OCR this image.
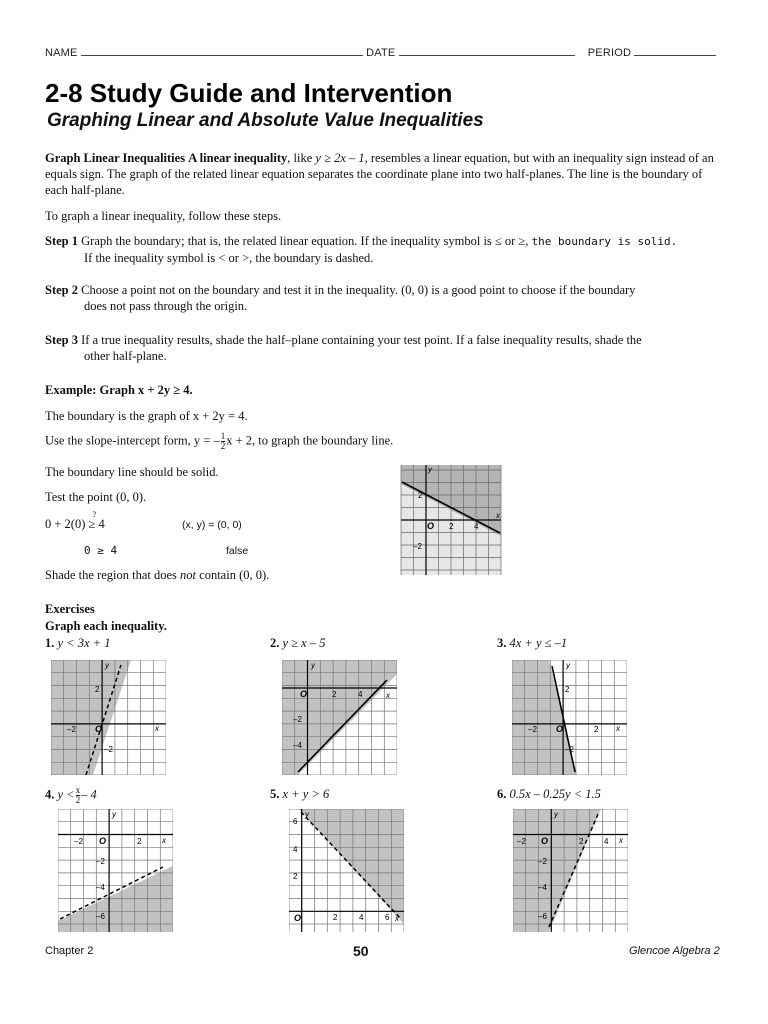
NAME	DATE	PERIOD
2-8 Study Guide and Intervention
Graphing Linear and Absolute Value Inequalities
Graph Linear Inequalities A linear inequality, like y ≥ 2x – 1, resembles a linear equation, but with an inequality sign instead of an equals sign. The graph of the related linear equation separates the coordinate plane into two half-planes. The line is the boundary of each half-plane.
To graph a linear inequality, follow these steps.
Step 1 Graph the boundary; that is, the related linear equation. If the inequality symbol is ≤ or ≥, the boundary is solid.
If the inequality symbol is < or >, the boundary is dashed.
Step 2 Choose a point not on the boundary and test it in the inequality. (0, 0) is a good point to choose if the boundary
does not pass through the origin.
Step 3 If a true inequality results, shade the half–plane containing your test point. If a false inequality results, shade the
other half-plane.
Example: Graph x + 2y ≥ 4.
The boundary is the graph of x + 2y = 4.
Use the slope-intercept form, y = – $\frac{1}{2}$ x + 2, to graph the boundary line.
The boundary line should be solid.
Test the point (0, 0).
0 + 2(0)
?
≥ 4	(x, y) = (0, 0)
0 ≥ 4	false
Shade the region that does not contain (0, 0).
y
x
O 2	4
2
–2
Exercises
Graph each inequality.
1. y < 3x + 1	2. y ≥ x – 5	3. 4x + y ≤ –1
4. $y < \frac{x}{2} - 4$	5. x + y > 6	6. 0.5x – 0.25y < 1.5
y
x
O
2
–2
–2
y
x
O	2	4
–2
–4
y
x
O
2
2
–2
–2
y
x
O	2
–2
–2
–4
–6
y
x
O	2	4	6
6
4
2
y
x
O
–2	2	4
–2
–4
–6
Chapter 2	50	Glencoe Algebra 2
